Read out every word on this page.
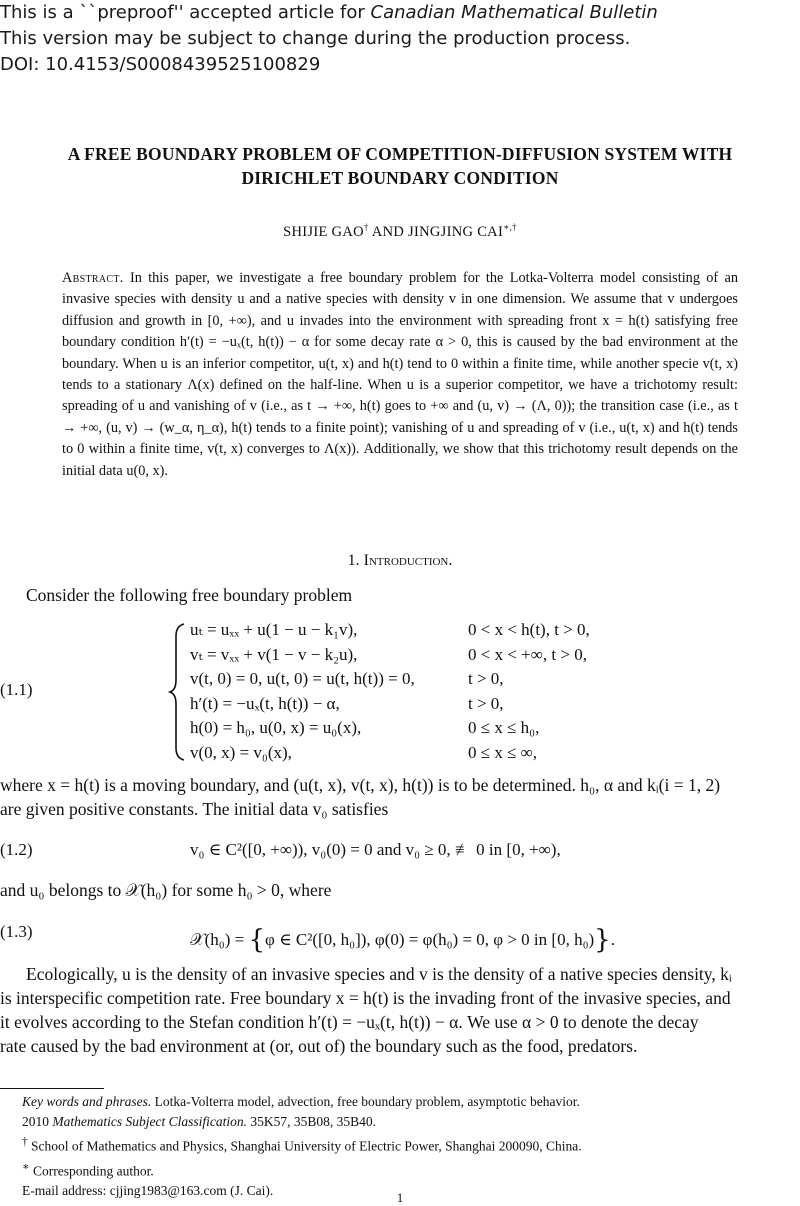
This is a ``preproof'' accepted article for Canadian Mathematical Bulletin
This version may be subject to change during the production process.
DOI: 10.4153/S0008439525100829
A FREE BOUNDARY PROBLEM OF COMPETITION-DIFFUSION SYSTEM WITH
DIRICHLET BOUNDARY CONDITION
SHIJIE GAO† AND JINGJING CAI∗,†
Abstract. In this paper, we investigate a free boundary problem for the Lotka-Volterra model consisting of an invasive species with density u and a native species with density v in one dimension. We assume that v undergoes diffusion and growth in [0, +∞), and u invades into the environment with spreading front x = h(t) satisfying free boundary condition h′(t) = −uₓ(t, h(t)) − α for some decay rate α > 0, this is caused by the bad environment at the boundary. When u is an inferior competitor, u(t, x) and h(t) tend to 0 within a finite time, while another specie v(t, x) tends to a stationary Λ(x) defined on the half-line. When u is a superior competitor, we have a trichotomy result: spreading of u and vanishing of v (i.e., as t → +∞, h(t) goes to +∞ and (u, v) → (Λ, 0)); the transition case (i.e., as t → +∞, (u, v) → (w_α, η_α), h(t) tends to a finite point); vanishing of u and spreading of v (i.e., u(t, x) and h(t) tends to 0 within a finite time, v(t, x) converges to Λ(x)). Additionally, we show that this trichotomy result depends on the initial data u(0, x).
1. Introduction.
Consider the following free boundary problem
(1.1)
uₜ = uₓₓ + u(1 − u − k₁v),	0 < x < h(t), t > 0,
vₜ = vₓₓ + v(1 − v − k₂u),	0 < x < +∞, t > 0,
v(t, 0) = 0, u(t, 0) = u(t, h(t)) = 0,	t > 0,
h′(t) = −uₓ(t, h(t)) − α,	t > 0,
h(0) = h₀, u(0, x) = u₀(x),	0 ≤ x ≤ h₀,
v(0, x) = v₀(x),	0 ≤ x ≤ ∞,
where x = h(t) is a moving boundary, and (u(t, x), v(t, x), h(t)) is to be determined. h₀, α and kᵢ(i = 1, 2)
are given positive constants. The initial data v₀ satisfies
(1.2)	v₀ ∈ C²([0, +∞)), v₀(0) = 0 and v₀ ≥ 0, ≢ 0 in [0, +∞),
and u₀ belongs to 𝒳(h₀) for some h₀ > 0, where
(1.3)	𝒳(h₀) = {φ ∈ C²([0, h₀]), φ(0) = φ(h₀) = 0, φ > 0 in [0, h₀)}.
Ecologically, u is the density of an invasive species and v is the density of a native species density, kᵢ
is interspecific competition rate. Free boundary x = h(t) is the invading front of the invasive species, and
it evolves according to the Stefan condition h′(t) = −uₓ(t, h(t)) − α. We use α > 0 to denote the decay
rate caused by the bad environment at (or, out of) the boundary such as the food, predators.
Key words and phrases. Lotka-Volterra model, advection, free boundary problem, asymptotic behavior.
2010 Mathematics Subject Classification. 35K57, 35B08, 35B40.
† School of Mathematics and Physics, Shanghai University of Electric Power, Shanghai 200090, China.
∗ Corresponding author.
E-mail address: cjjing1983@163.com (J. Cai).	1
